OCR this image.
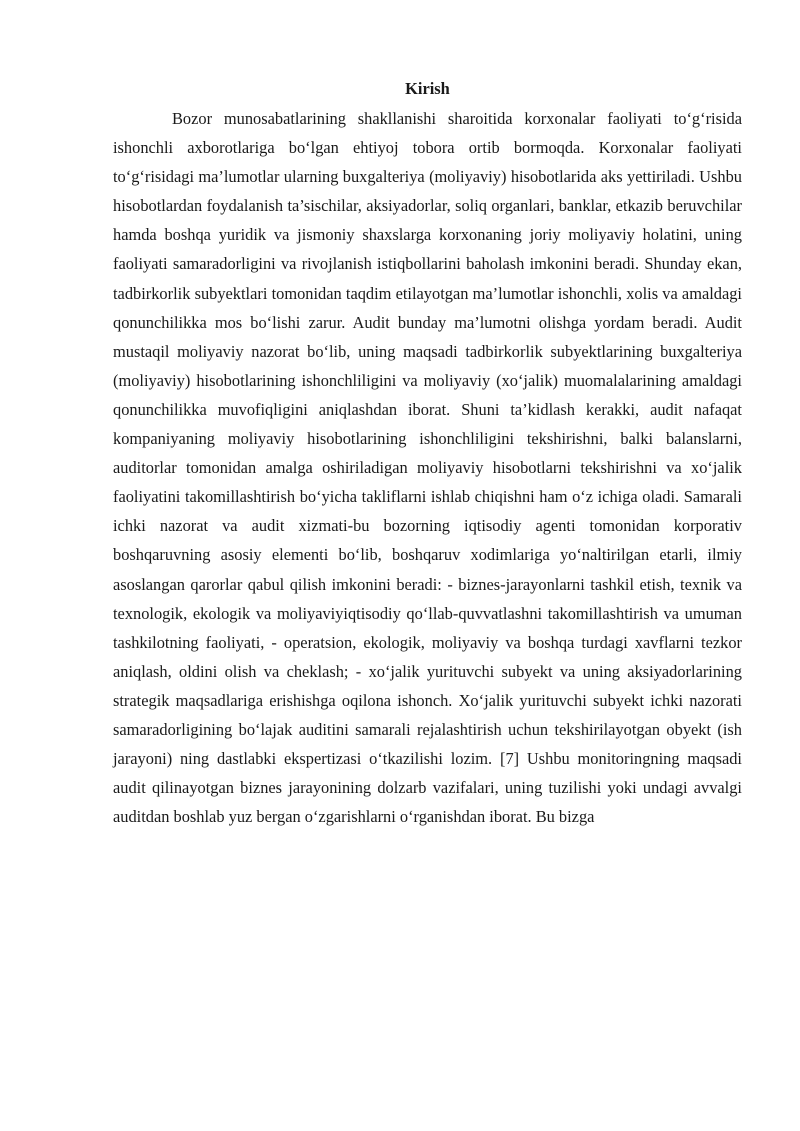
Kirish

Bozor munosabatlarining shakllanishi sharoitida korxonalar faoliyati to‘g‘risida ishonchli axborotlariga bo‘lgan ehtiyoj tobora ortib bormoqda. Korxonalar faoliyati to‘g‘risidagi ma’lumotlar ularning buxgalteriya (moliyaviy) hisobotlarida aks yettiriladi. Ushbu hisobotlardan foydalanish ta’sischilar, aksiyadorlar, soliq organlari, banklar, etkazib beruvchilar hamda boshqa yuridik va jismoniy shaxslarga korxonaning joriy moliyaviy holatini, uning faoliyati samaradorligini va rivojlanish istiqbollarini baholash imkonini beradi. Shunday ekan, tadbirkorlik subyektlari tomonidan taqdim etilayotgan ma’lumotlar ishonchli, xolis va amaldagi qonunchilikka mos bo‘lishi zarur. Audit bunday ma’lumotni olishga yordam beradi. Audit mustaqil moliyaviy nazorat bo‘lib, uning maqsadi tadbirkorlik subyektlarining buxgalteriya (moliyaviy) hisobotlarining ishonchliligini va moliyaviy (xo‘jalik) muomalalarining amaldagi qonunchilikka muvofiqligini aniqlashdan iborat. Shuni ta’kidlash kerakki, audit nafaqat kompaniyaning moliyaviy hisobotlarining ishonchliligini tekshirishni, balki balanslarni, auditorlar tomonidan amalga oshiriladigan moliyaviy hisobotlarni tekshirishni va xo‘jalik faoliyatini takomillashtirish bo‘yicha takliflarni ishlab chiqishni ham o‘z ichiga oladi. Samarali ichki nazorat va audit xizmati-bu bozorning iqtisodiy agenti tomonidan korporativ boshqaruvning asosiy elementi bo‘lib, boshqaruv xodimlariga yo‘naltirilgan etarli, ilmiy asoslangan qarorlar qabul qilish imkonini beradi: - biznes-jarayonlarni tashkil etish, texnik va texnologik, ekologik va moliyaviyiqtisodiy qo‘llab-quvvatlashni takomillashtirish va umuman tashkilotning faoliyati, - operatsion, ekologik, moliyaviy va boshqa turdagi xavflarni tezkor aniqlash, oldini olish va cheklash; - xo‘jalik yurituvchi subyekt va uning aksiyadorlarining strategik maqsadlariga erishishga oqilona ishonch. Xo‘jalik yurituvchi subyekt ichki nazorati samaradorligining bo‘lajak auditini samarali rejalashtirish uchun tekshirilayotgan obyekt (ish jarayoni) ning dastlabki ekspertizasi o‘tkazilishi lozim. [7] Ushbu monitoringning maqsadi audit qilinayotgan biznes jarayonining dolzarb vazifalari, uning tuzilishi yoki undagi avvalgi auditdan boshlab yuz bergan o‘zgarishlarni o‘rganishdan iborat. Bu bizga
